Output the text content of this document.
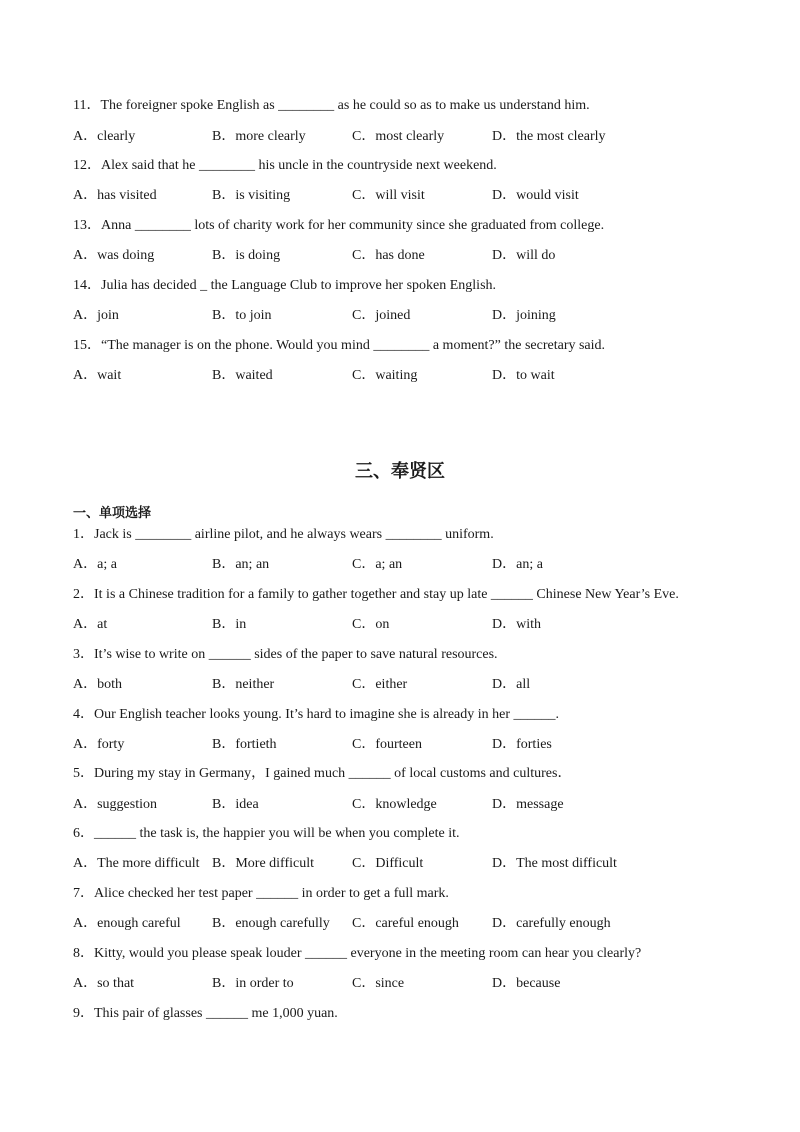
11．The foreigner spoke English as ________ as he could so as to make us understand him.
A．clearly	B．more clearly	C．most clearly	D．the most clearly
12．Alex said that he ________ his uncle in the countryside next weekend.
A．has visited	B．is visiting	C．will visit	D．would visit
13．Anna ________ lots of charity work for her community since she graduated from college.
A．was doing	B．is doing	C．has done	D．will do
14．Julia has decided _ the Language Club to improve her spoken English.
A．join	B．to join	C．joined	D．joining
15．“The manager is on the phone. Would you mind ________ a moment?” the secretary said.
A．wait	B．waited	C．waiting	D．to wait
三、奉贤区
一、单项选择
1．Jack is ________ airline pilot, and he always wears ________ uniform.
A．a; a	B．an; an	C．a; an	D．an; a
2．It is a Chinese tradition for a family to gather together and stay up late ______ Chinese New Year’s Eve.
A．at	B．in	C．on	D．with
3．It’s wise to write on ______ sides of the paper to save natural resources.
A．both	B．neither	C．either	D．all
4．Our English teacher looks young. It’s hard to imagine she is already in her ______.
A．forty	B．fortieth	C．fourteen	D．forties
5．During my stay in Germany，I gained much ______ of local customs and cultures．
A．suggestion	B．idea	C．knowledge	D．message
6．______ the task is, the happier you will be when you complete it.
A．The more difficult B．More difficult	C．Difficult	D．The most difficult
7．Alice checked her test paper ______ in order to get a full mark.
A．enough careful B．enough carefully C．careful enough D．carefully enough
8．Kitty, would you please speak louder ______ everyone in the meeting room can hear you clearly?
A．so that	B．in order to	C．since	D．because
9．This pair of glasses ______ me 1,000 yuan.
